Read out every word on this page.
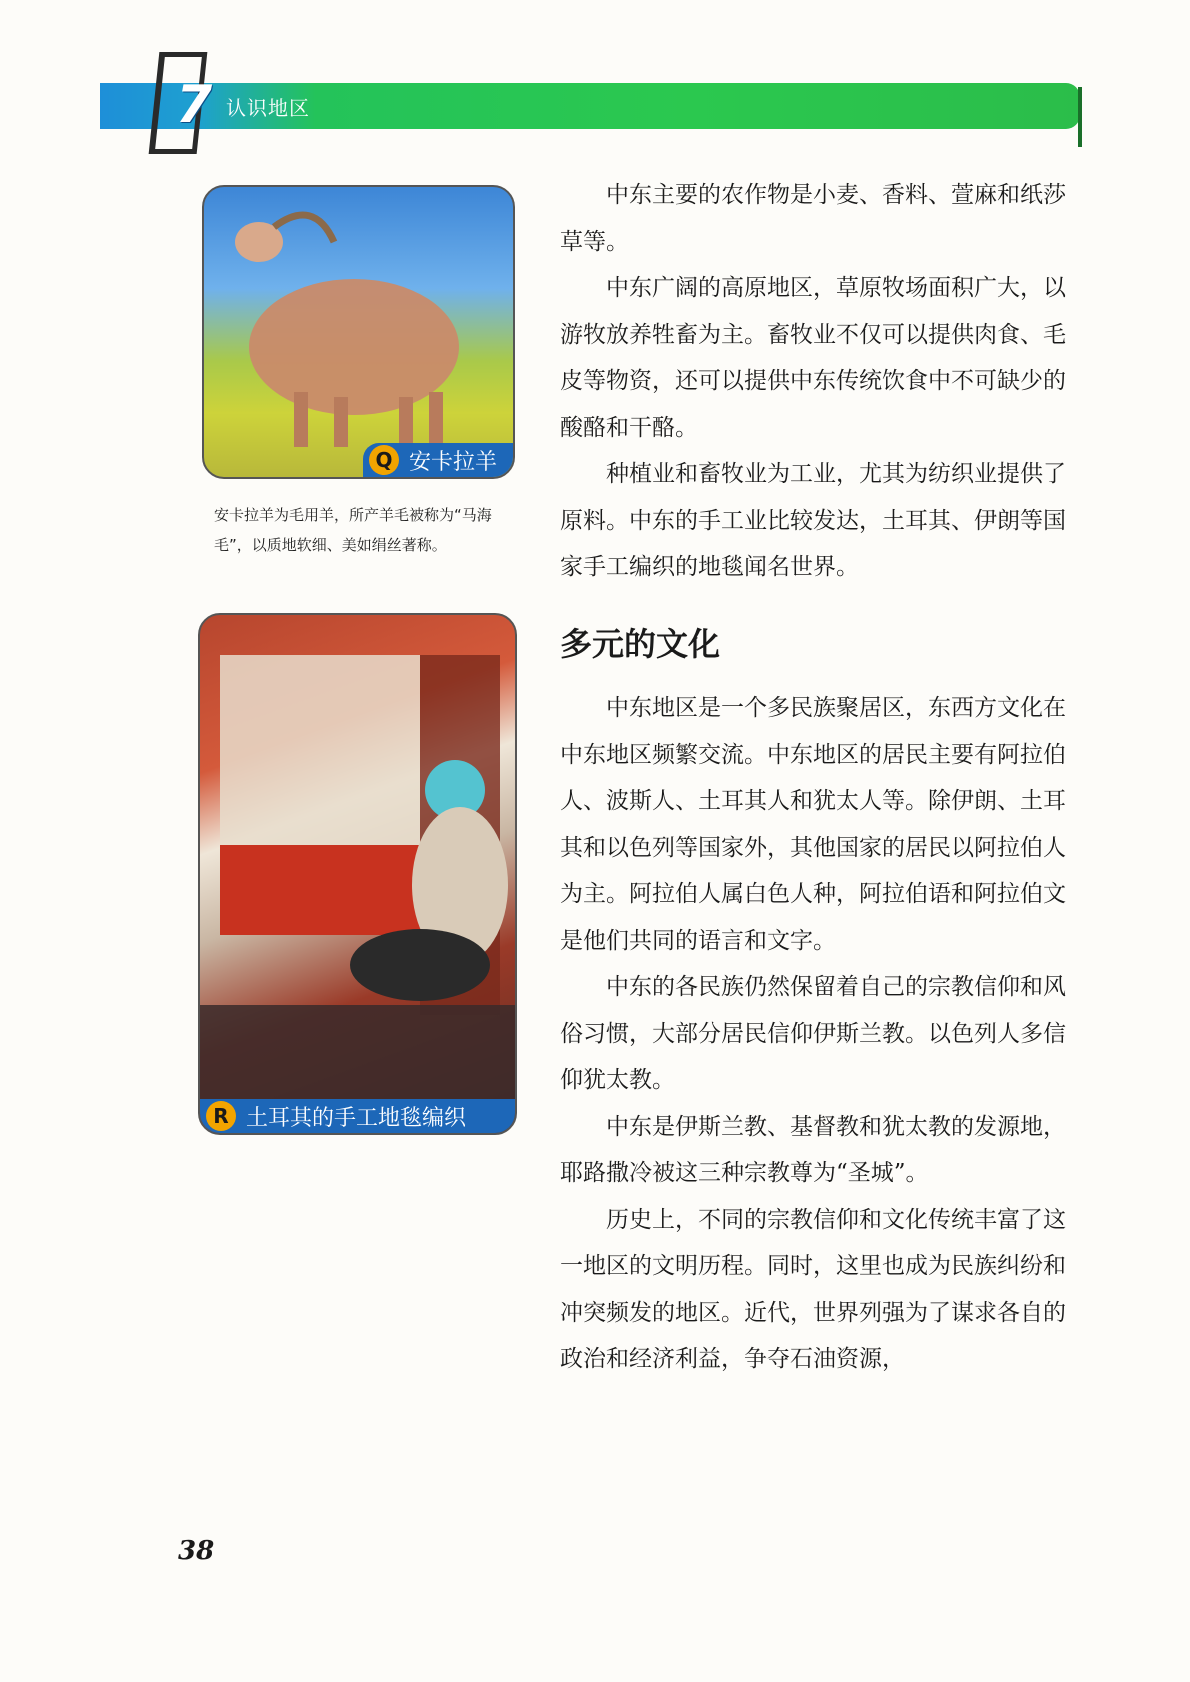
7 认识地区
Q 安卡拉羊
安卡拉羊为毛用羊，所产羊毛被称为“马海毛”，以质地软细、美如绢丝著称。
R 土耳其的手工地毯编织

中东主要的农作物是小麦、香料、萱麻和纸莎草等。

中东广阔的高原地区，草原牧场面积广大，以游牧放养牲畜为主。畜牧业不仅可以提供肉食、毛皮等物资，还可以提供中东传统饮食中不可缺少的酸酪和干酪。

种植业和畜牧业为工业，尤其为纺织业提供了原料。中东的手工业比较发达，土耳其、伊朗等国家手工编织的地毯闻名世界。

多元的文化

中东地区是一个多民族聚居区，东西方文化在中东地区频繁交流。中东地区的居民主要有阿拉伯人、波斯人、土耳其人和犹太人等。除伊朗、土耳其和以色列等国家外，其他国家的居民以阿拉伯人为主。阿拉伯人属白色人种，阿拉伯语和阿拉伯文是他们共同的语言和文字。

中东的各民族仍然保留着自己的宗教信仰和风俗习惯，大部分居民信仰伊斯兰教。以色列人多信仰犹太教。

中东是伊斯兰教、基督教和犹太教的发源地，耶路撒冷被这三种宗教尊为“圣城”。

历史上，不同的宗教信仰和文化传统丰富了这一地区的文明历程。同时，这里也成为民族纠纷和冲突频发的地区。近代，世界列强为了谋求各自的政治和经济利益，争夺石油资源，

38
